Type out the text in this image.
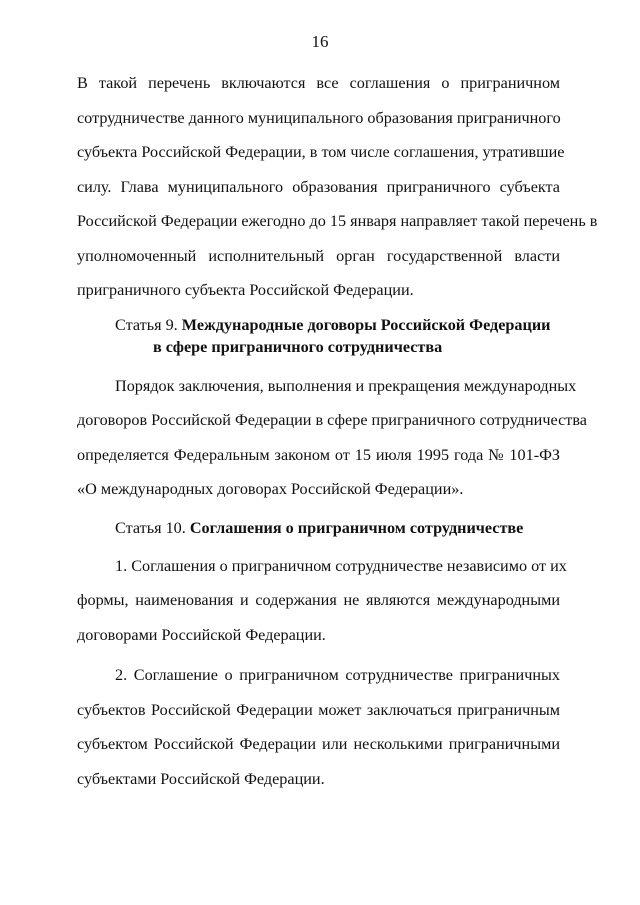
16
В такой перечень включаются все соглашения о приграничном
сотрудничестве данного муниципального образования приграничного
субъекта Российской Федерации, в том числе соглашения, утратившие
силу. Глава муниципального образования приграничного субъекта
Российской Федерации ежегодно до 15 января направляет такой перечень в
уполномоченный исполнительный орган государственной власти
приграничного субъекта Российской Федерации.
Статья 9. Международные договоры Российской Федерации
в сфере приграничного сотрудничества
Порядок заключения, выполнения и прекращения международных
договоров Российской Федерации в сфере приграничного сотрудничества
определяется Федеральным законом от 15 июля 1995 года № 101-ФЗ
«О международных договорах Российской Федерации».
Статья 10. Соглашения о приграничном сотрудничестве
1. Соглашения о приграничном сотрудничестве независимо от их
формы, наименования и содержания не являются международными
договорами Российской Федерации.
2. Соглашение о приграничном сотрудничестве приграничных
субъектов Российской Федерации может заключаться приграничным
субъектом Российской Федерации или несколькими приграничными
субъектами Российской Федерации.
